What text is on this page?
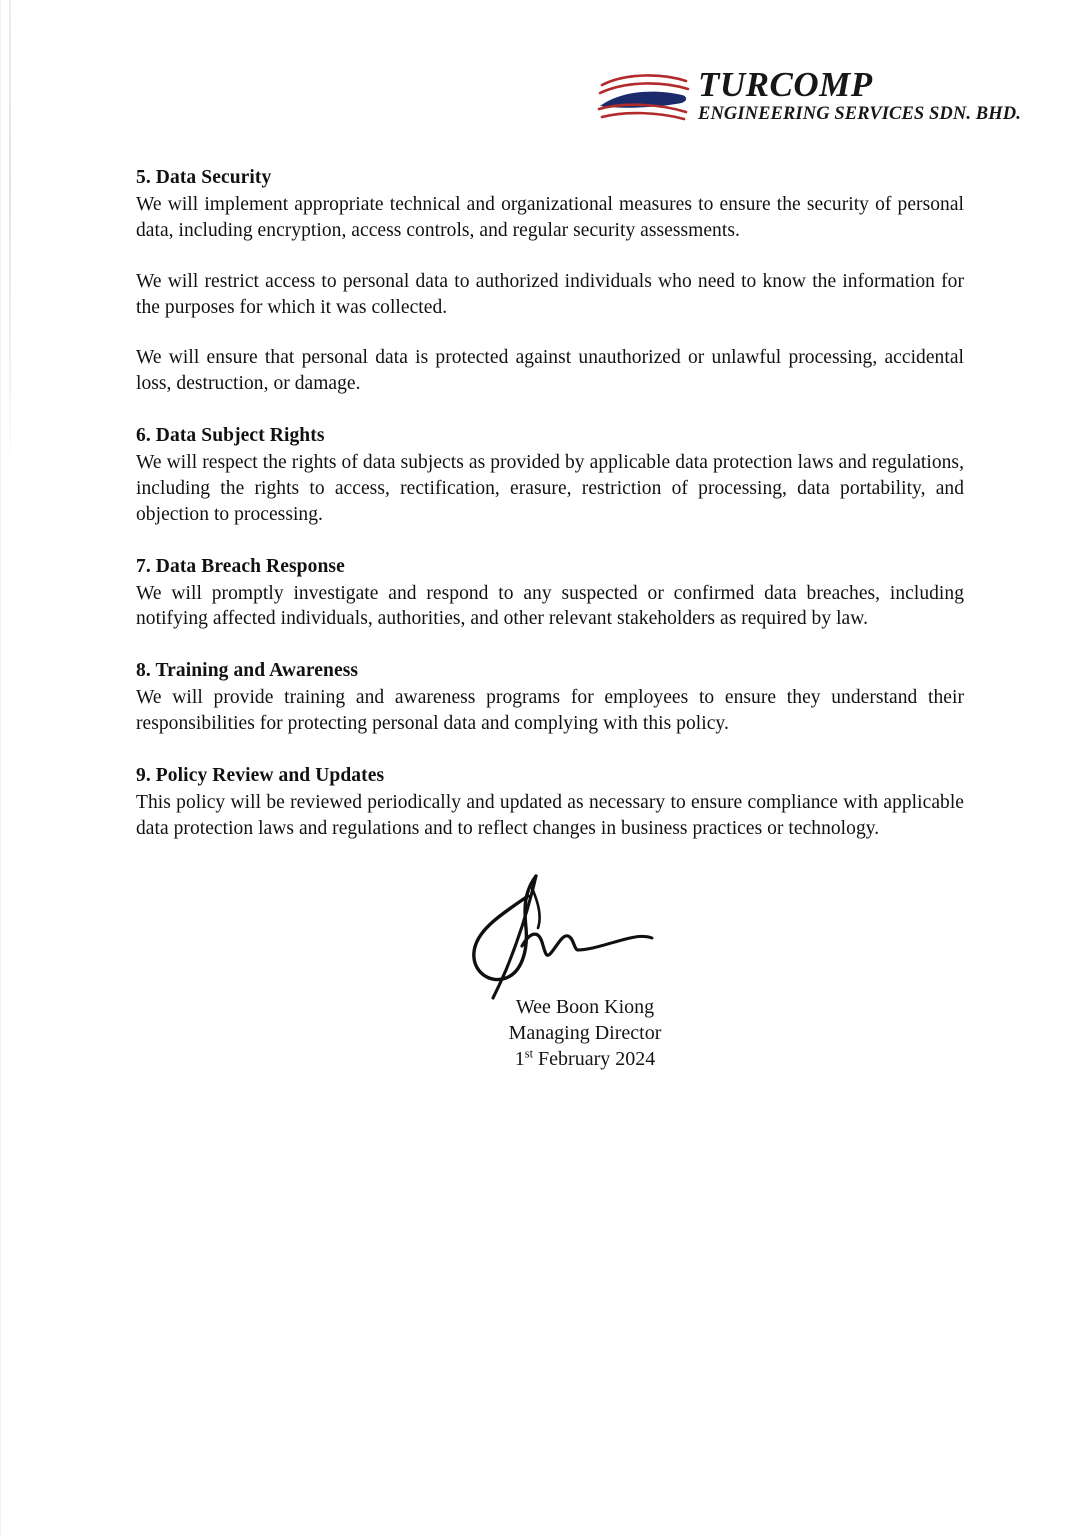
TURCOMP
ENGINEERING SERVICES SDN. BHD.
5. Data Security

We will implement appropriate technical and organizational measures to ensure the security of personal data, including encryption, access controls, and regular security assessments.

We will restrict access to personal data to authorized individuals who need to know the information for the purposes for which it was collected.

We will ensure that personal data is protected against unauthorized or unlawful processing, accidental loss, destruction, or damage.

6. Data Subject Rights

We will respect the rights of data subjects as provided by applicable data protection laws and regulations, including the rights to access, rectification, erasure, restriction of processing, data portability, and objection to processing.

7. Data Breach Response

We will promptly investigate and respond to any suspected or confirmed data breaches, including notifying affected individuals, authorities, and other relevant stakeholders as required by law.

8. Training and Awareness

We will provide training and awareness programs for employees to ensure they understand their responsibilities for protecting personal data and complying with this policy.

9. Policy Review and Updates

This policy will be reviewed periodically and updated as necessary to ensure compliance with applicable data protection laws and regulations and to reflect changes in business practices or technology.

Wee Boon Kiong
Managing Director
1st February 2024
